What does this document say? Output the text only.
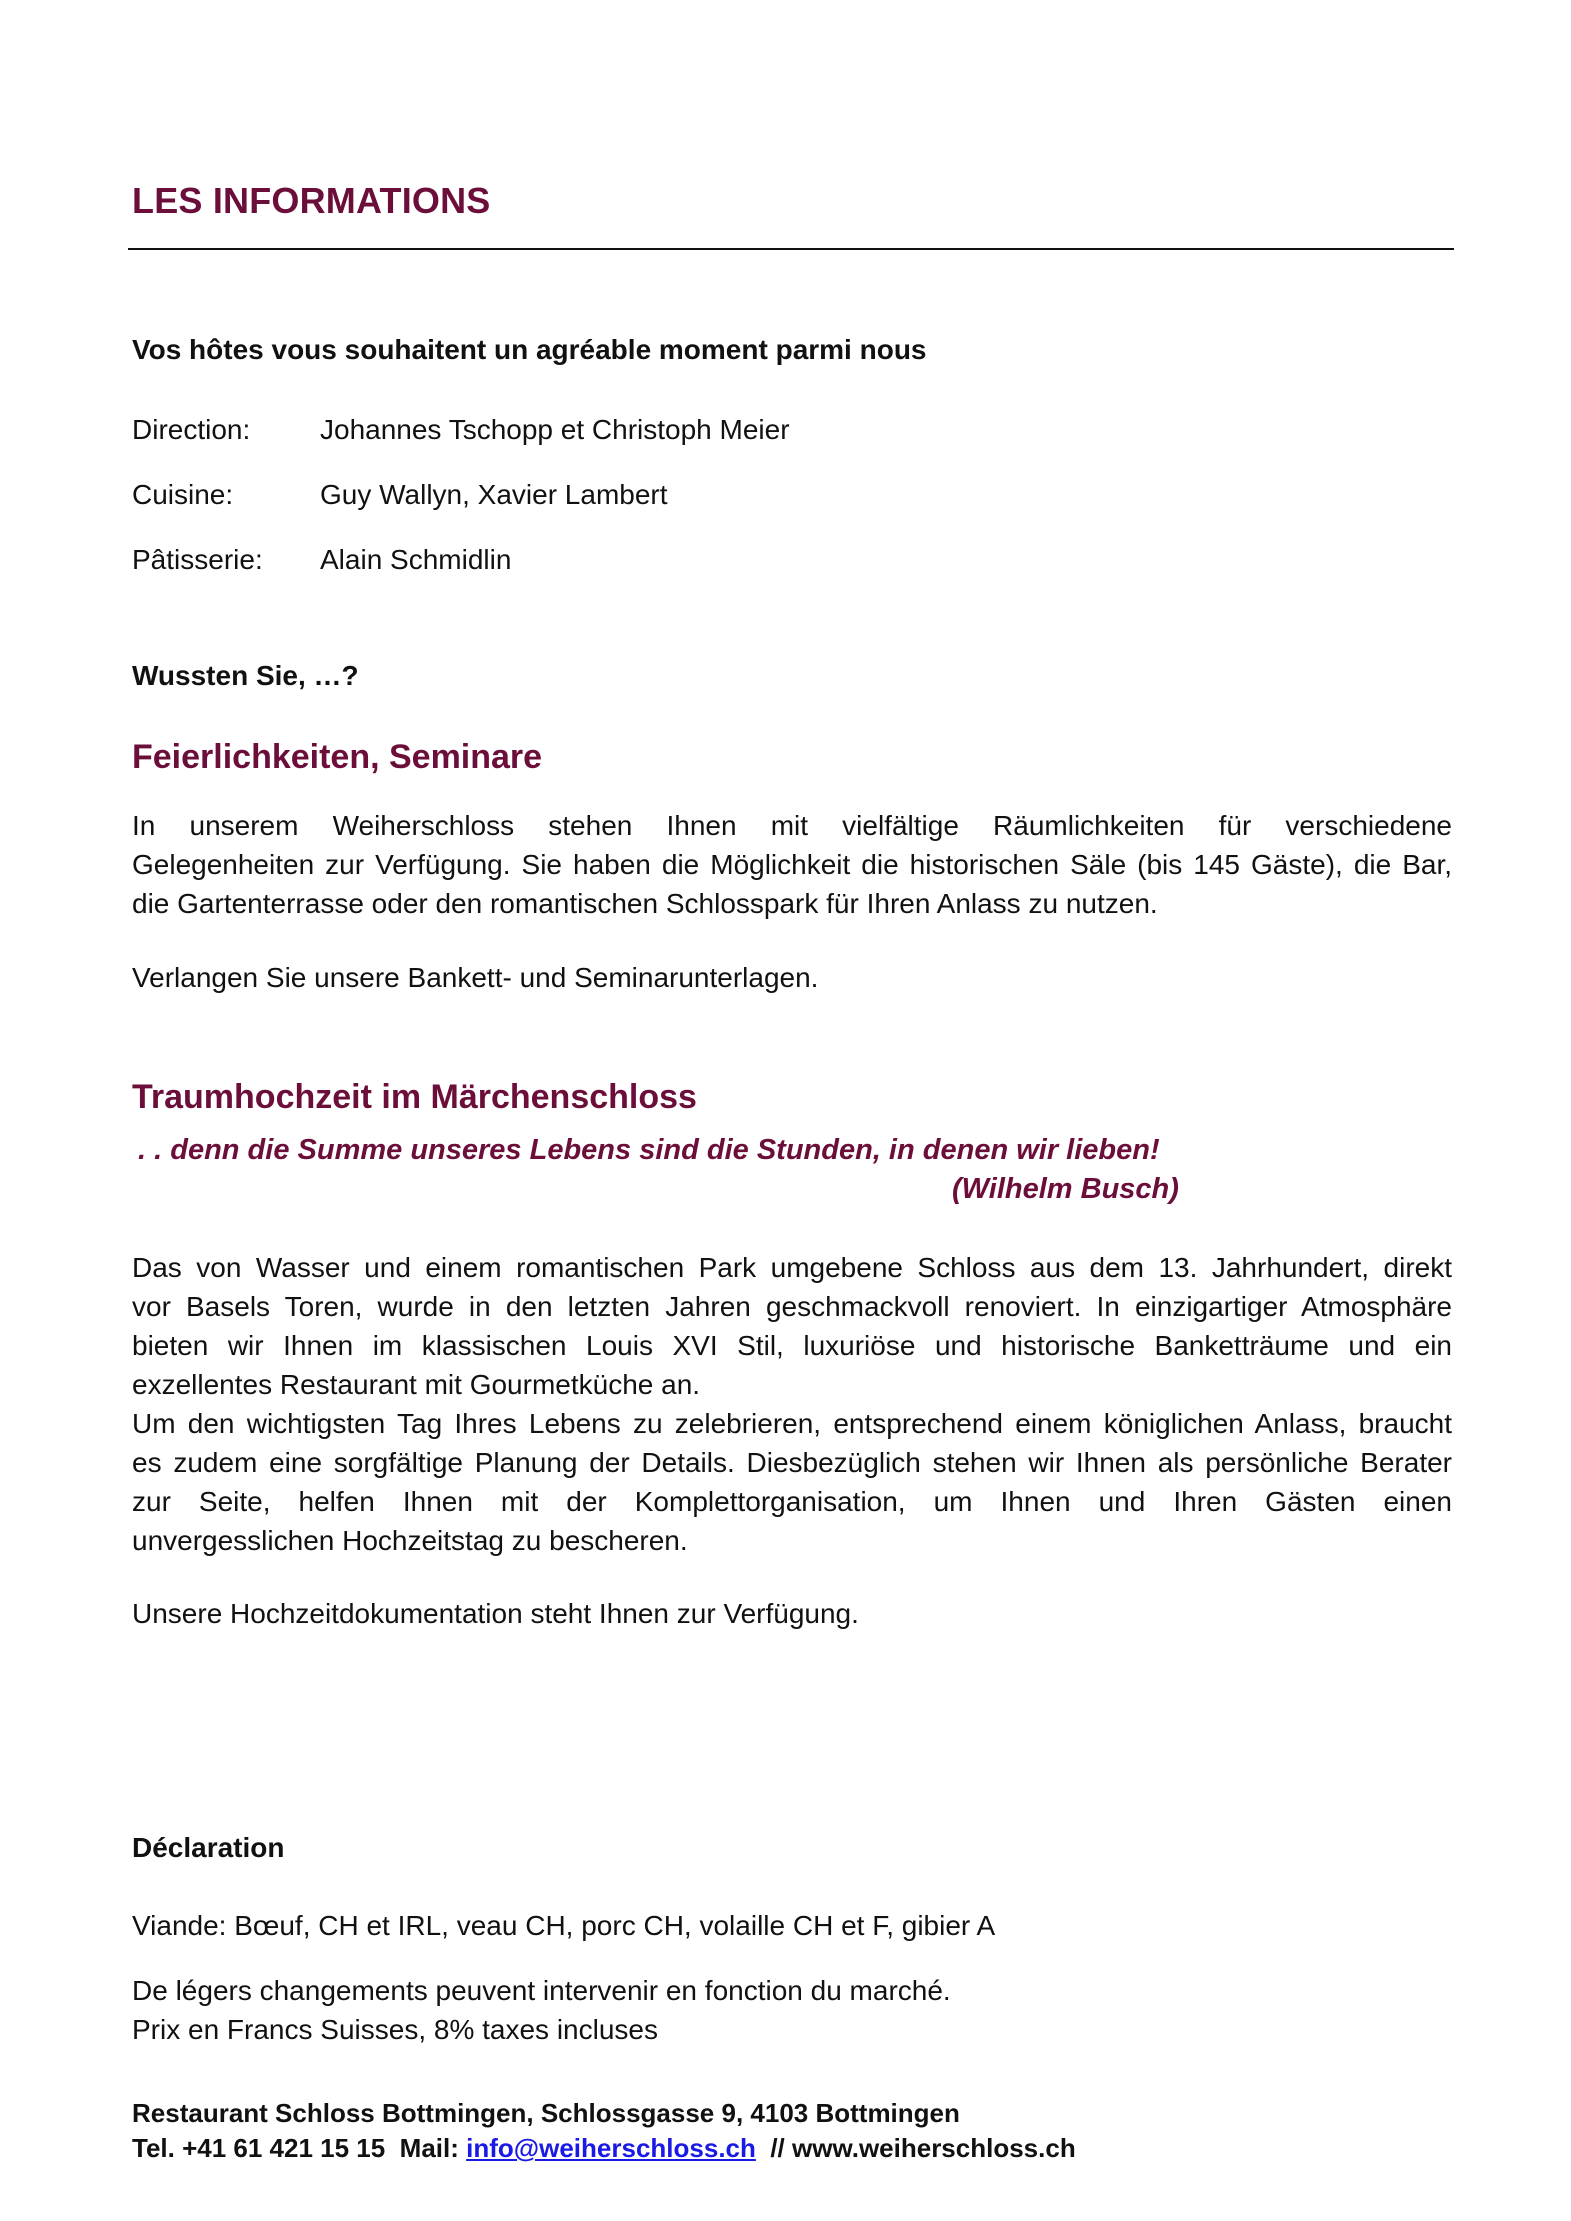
LES INFORMATIONS
Vos hôtes vous souhaitent un agréable moment parmi nous
Direction: Johannes Tschopp et Christoph Meier
Cuisine:	Guy Wallyn, Xavier Lambert
Pâtisserie: Alain Schmidlin
Wussten Sie, …?
Feierlichkeiten, Seminare
In unserem Weiherschloss stehen Ihnen mit vielfältige Räumlichkeiten für verschiedene
Gelegenheiten zur Verfügung. Sie haben die Möglichkeit die historischen Säle (bis 145 Gäste), die Bar,
die Gartenterrasse oder den romantischen Schlosspark für Ihren Anlass zu nutzen.
Verlangen Sie unsere Bankett- und Seminarunterlagen.
Traumhochzeit im Märchenschloss
. . denn die Summe unseres Lebens sind die Stunden, in denen wir lieben!
(Wilhelm Busch)
Das von Wasser und einem romantischen Park umgebene Schloss aus dem 13. Jahrhundert, direkt
vor Basels Toren, wurde in den letzten Jahren geschmackvoll renoviert. In einzigartiger Atmosphäre
bieten wir Ihnen im klassischen Louis XVI Stil, luxuriöse und historische Banketträume und ein
exzellentes Restaurant mit Gourmetküche an.
Um den wichtigsten Tag Ihres Lebens zu zelebrieren, entsprechend einem königlichen Anlass, braucht
es zudem eine sorgfältige Planung der Details. Diesbezüglich stehen wir Ihnen als persönliche Berater
zur Seite, helfen Ihnen mit der Komplettorganisation, um Ihnen und Ihren Gästen einen
unvergesslichen Hochzeitstag zu bescheren.
Unsere Hochzeitdokumentation steht Ihnen zur Verfügung.
Déclaration
Viande: Bœuf, CH et IRL, veau CH, porc CH, volaille CH et F, gibier A
De légers changements peuvent intervenir en fonction du marché.
Prix en Francs Suisses, 8% taxes incluses
Restaurant Schloss Bottmingen, Schlossgasse 9, 4103 Bottmingen
Tel. +41 61 421 15 15  Mail: info@weiherschloss.ch  // www.weiherschloss.ch
